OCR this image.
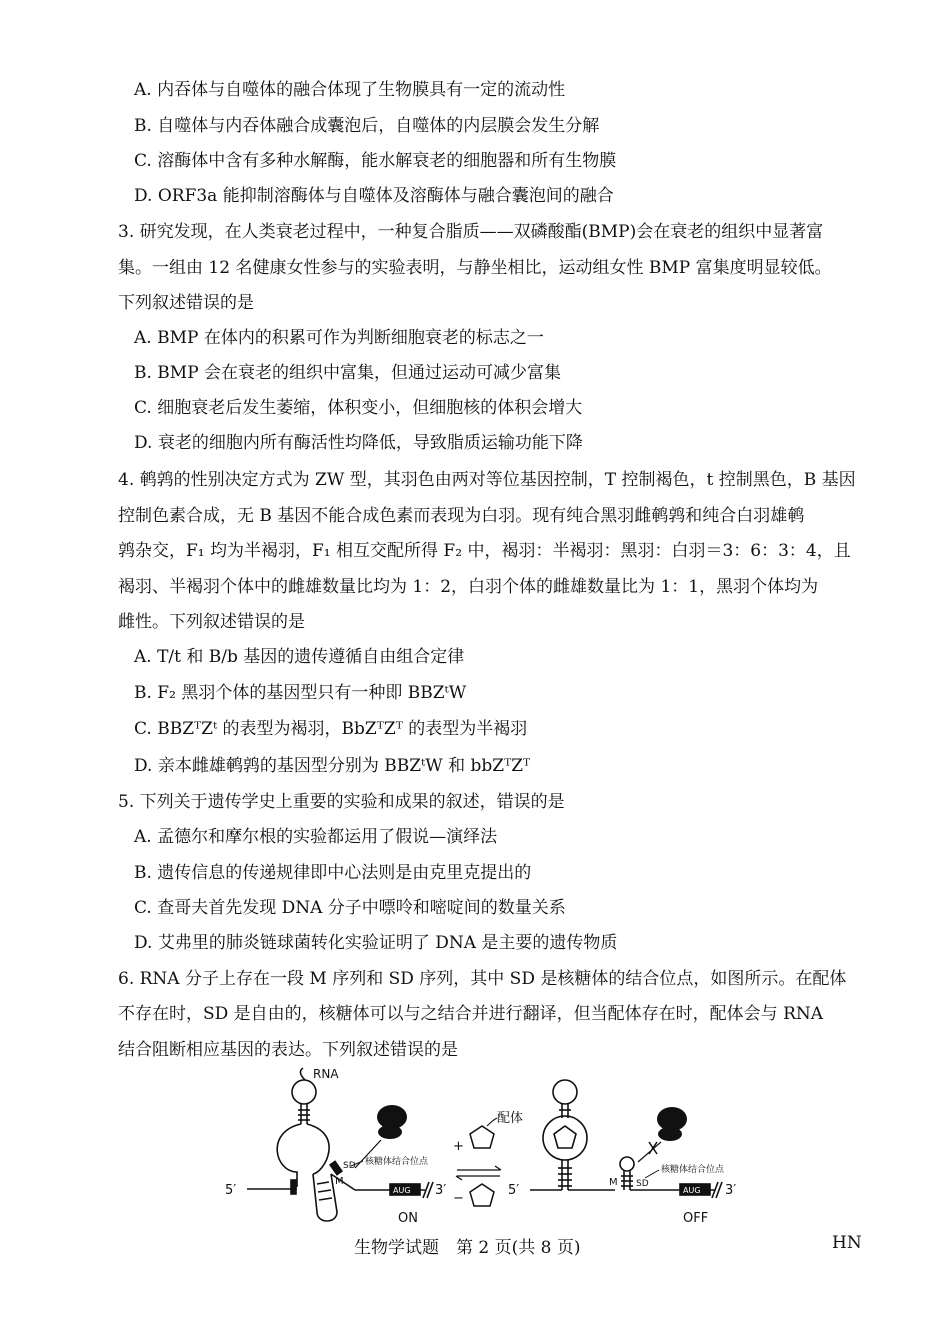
A. 内吞体与自噬体的融合体现了生物膜具有一定的流动性
B. 自噬体与内吞体融合成囊泡后，自噬体的内层膜会发生分解
C. 溶酶体中含有多种水解酶，能水解衰老的细胞器和所有生物膜
D. ORF3a 能抑制溶酶体与自噬体及溶酶体与融合囊泡间的融合
3. 研究发现，在人类衰老过程中，一种复合脂质——双磷酸酯(BMP)会在衰老的组织中显著富
集。一组由 12 名健康女性参与的实验表明，与静坐相比，运动组女性 BMP 富集度明显较低。
下列叙述错误的是
A. BMP 在体内的积累可作为判断细胞衰老的标志之一
B. BMP 会在衰老的组织中富集，但通过运动可减少富集
C. 细胞衰老后发生萎缩，体积变小，但细胞核的体积会增大
D. 衰老的细胞内所有酶活性均降低，导致脂质运输功能下降
4. 鹌鹑的性别决定方式为 ZW 型，其羽色由两对等位基因控制，T 控制褐色，t 控制黑色，B 基因
控制色素合成，无 B 基因不能合成色素而表现为白羽。现有纯合黑羽雌鹌鹑和纯合白羽雄鹌
鹑杂交，F₁ 均为半褐羽，F₁ 相互交配所得 F₂ 中，褐羽：半褐羽：黑羽：白羽＝3：6：3：4，且
褐羽、半褐羽个体中的雌雄数量比均为 1：2，白羽个体的雌雄数量比为 1：1，黑羽个体均为
雌性。下列叙述错误的是
A. T/t 和 B/b 基因的遗传遵循自由组合定律
B. F₂ 黑羽个体的基因型只有一种即 BBZᵗW
C. BBZᵀZᵗ 的表型为褐羽，BbZᵀZᵀ 的表型为半褐羽
D. 亲本雌雄鹌鹑的基因型分别为 BBZᵗW 和 bbZᵀZᵀ
5. 下列关于遗传学史上重要的实验和成果的叙述，错误的是
A. 孟德尔和摩尔根的实验都运用了假说—演绎法
B. 遗传信息的传递规律即中心法则是由克里克提出的
C. 查哥夫首先发现 DNA 分子中嘌呤和嘧啶间的数量关系
D. 艾弗里的肺炎链球菌转化实验证明了 DNA 是主要的遗传物质
6. RNA 分子上存在一段 M 序列和 SD 序列，其中 SD 是核糖体的结合位点，如图所示。在配体
不存在时，SD 是自由的，核糖体可以与之结合并进行翻译，但当配体存在时，配体会与 RNA
结合阻断相应基因的表达。下列叙述错误的是
RNA
5′
M
SD 核糖体结合位点
AUG 3′
ON
配体
+
−
5′
M SD
核糖体结合位点
AUG 3′
OFF
生物学试题　第 2 页(共 8 页)	HN
